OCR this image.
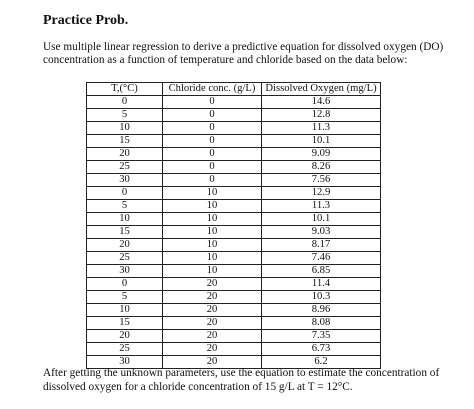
Practice Prob.

Use multiple linear regression to derive a predictive equation for dissolved oxygen (DO)

concentration as a function of temperature and chloride based on the data below:

T,(°C)	Chloride conc. (g/L)	Dissolved Oxygen (mg/L)
0	0	14.6
5	0	12.8
10	0	11.3
15	0	10.1
20	0	9.09
25	0	8.26
30	0	7.56
0	10	12.9
5	10	11.3
10	10	10.1
15	10	9.03
20	10	8.17
25	10	7.46
30	10	6.85
0	20	11.4
5	20	10.3
10	20	8.96
15	20	8.08
20	20	7.35
25	20	6.73
30	20	6.2

After getting the unknown parameters, use the equation to estimate the concentration of

dissolved oxygen for a chloride concentration of 15 g/L at T = 12°C.
